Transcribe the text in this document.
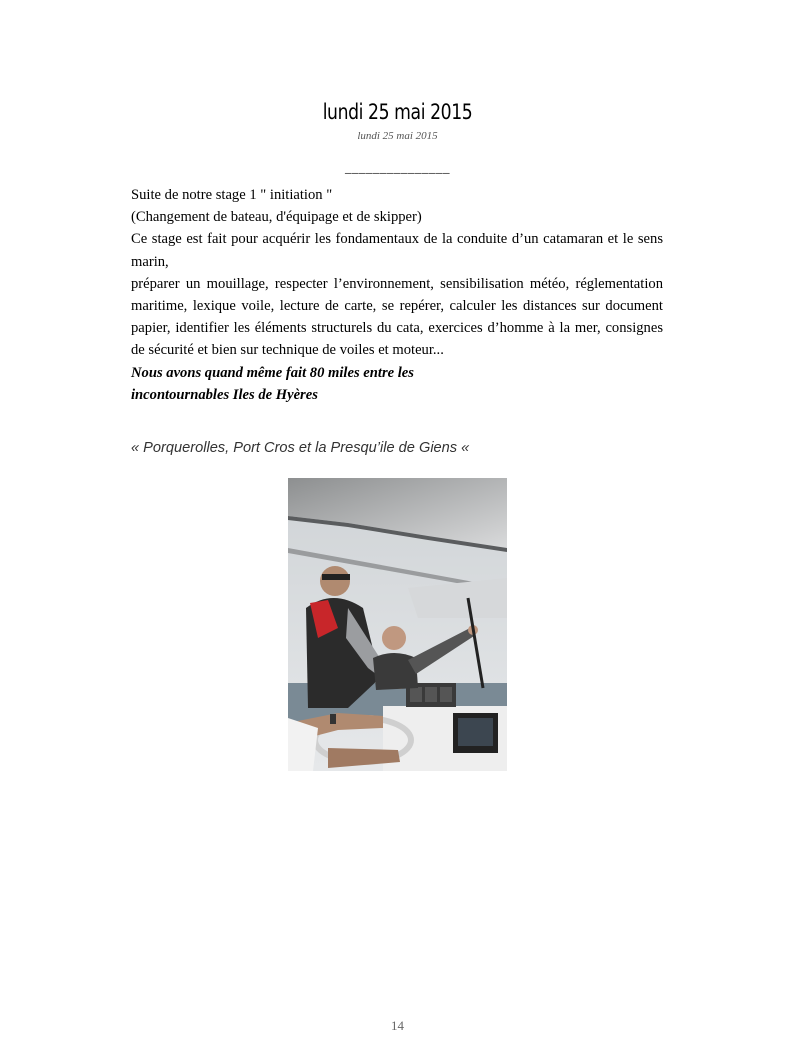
lundi 25 mai 2015
lundi 25 mai 2015
_______________

Suite de notre stage 1 " initiation "

(Changement de bateau, d'équipage et de skipper)

Ce stage est fait pour acquérir les fondamentaux de la conduite d’un catamaran et le sens marin,

préparer un mouillage, respecter l’environnement, sensibilisation météo, réglementation maritime, lexique voile, lecture de carte, se repérer, calculer les distances sur document papier, identifier les éléments structurels du cata, exercices d’homme à la mer, consignes de sécurité et bien sur technique de voiles et moteur...

Nous avons quand même fait 80 miles entre les

incontournables Iles de Hyères

« Porquerolles, Port Cros et la Presqu’ile de Giens «
14
